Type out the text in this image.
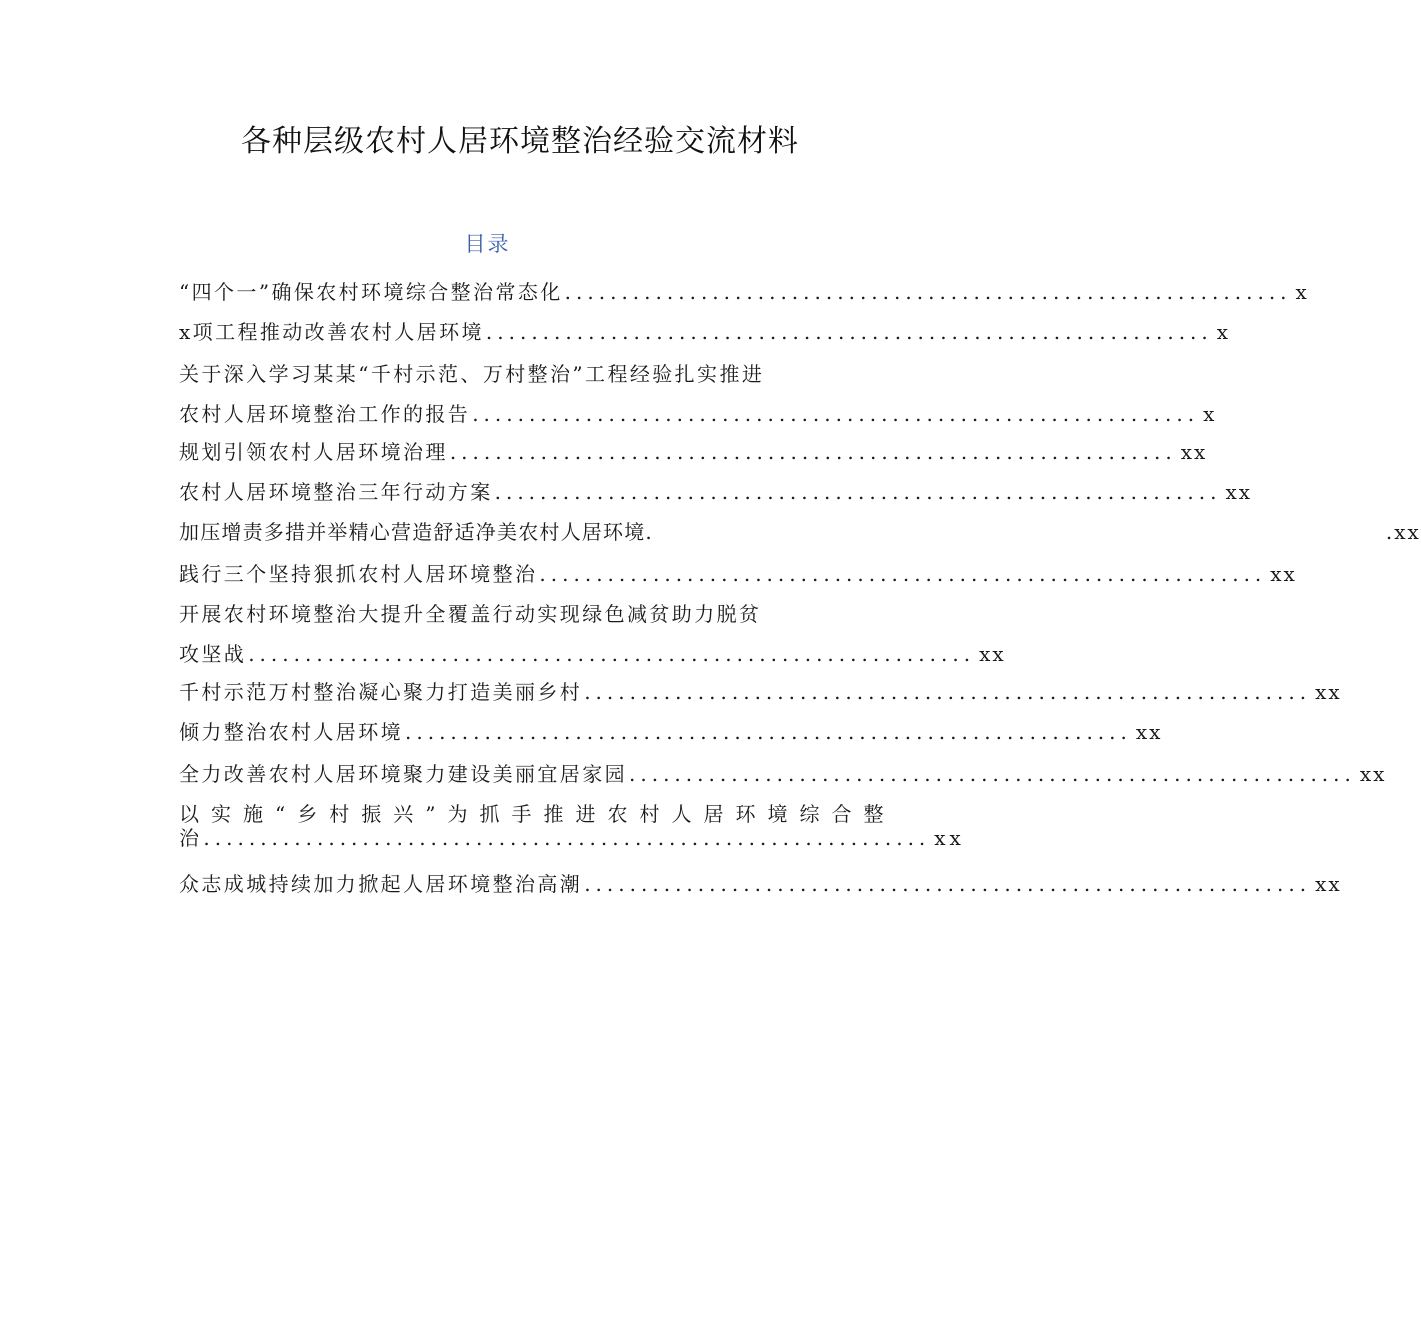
各种层级农村人居环境整治经验交流材料
目录
“四个一”确保农村环境综合整治常态化 ................................................................ x
x项工程推动改善农村人居环境 ................................................................ x
关于深入学习某某“千村示范、万村整治”工程经验扎实推进
农村人居环境整治工作的报告 ................................................................ x
规划引领农村人居环境治理 ................................................................ xx
农村人居环境整治三年行动方案 ................................................................ xx
加压增责多措并举精心营造舒适净美农村人居环境.	.xx
践行三个坚持狠抓农村人居环境整治 ................................................................ xx
开展农村环境整治大提升全覆盖行动实现绿色减贫助力脱贫
攻坚战 ................................................................ xx
千村示范万村整治凝心聚力打造美丽乡村 ................................................................ xx
倾力整治农村人居环境 ................................................................ xx
全力改善农村人居环境聚力建设美丽宜居家园 ................................................................ xx
以实施“乡村振兴”为抓手推进农村人居环境综合整
治 ................................................................ xx
众志成城持续加力掀起人居环境整治高潮 ................................................................ xx
